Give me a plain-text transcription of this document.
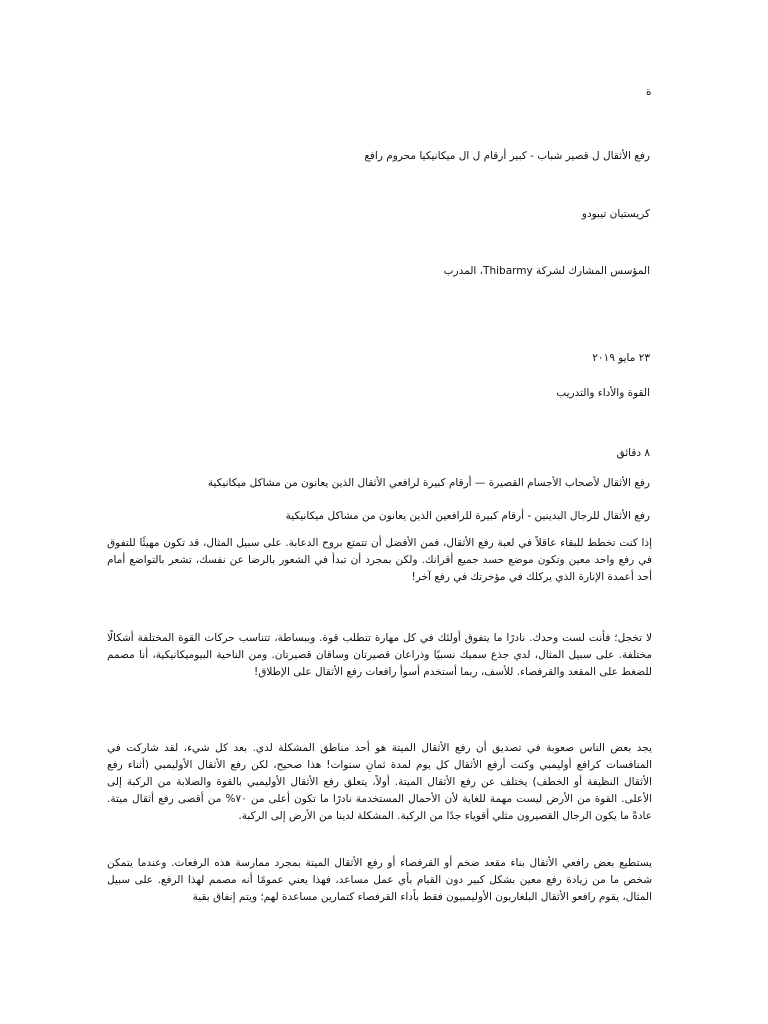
ة
رفع الأثقال ل قصير شباب - كبير أرقام ل ال ميكانيكيا محروم رافع
كريستيان تيبودو
المؤسس المشارك لشركة Thibarmy، المدرب
٢٣ مايو ٢٠١٩
القوة والأداء والتدريب
٨ دقائق
رفع الأثقال لأصحاب الأجسام القصيرة — أرقام كبيرة لرافعي الأثقال الذين يعانون من مشاكل ميكانيكية
رفع الأثقال للرجال البدينين - أرقام كبيرة للرافعين الذين يعانون من مشاكل ميكانيكية

إذا كنت تخطط للبقاء عاقلاً في لعبة رفع الأثقال، فمن الأفضل أن تتمتع بروح الدعابة. على سبيل المثال، قد تكون مهيئًا للتفوق في رفع واحد معين وتكون موضع حسد جميع أقرانك. ولكن بمجرد أن تبدأ في الشعور بالرضا عن نفسك، تشعر بالتواضع أمام أحد أعمدة الإنارة الذي يركلك في مؤخرتك في رفع آخر!

لا تخجل؛ فأنت لست وحدك. نادرًا ما يتفوق أولئك في كل مهارة تتطلب قوة. وببساطة، تتناسب حركات القوة المختلفة أشكالًا مختلفة. على سبيل المثال، لدي جذع سميك نسبيًا وذراعان قصيرتان وساقان قصيرتان. ومن الناحية البيوميكانيكية، أنا مصمم للضغط على المقعد والقرفصاء. للأسف، ربما أستخدم أسوأ رافعات رفع الأثقال على الإطلاق!

يجد بعض الناس صعوبة في تصديق أن رفع الأثقال الميتة هو أحد مناطق المشكلة لدي. بعد كل شيء، لقد شاركت في المنافسات كرافع أوليمبي وكنت أرفع الأثقال كل يوم لمدة ثمانِ سنوات! هذا صحيح، لكن رفع الأثقال الأوليمبي (أثناء رفع الأثقال النظيفة أو الخطف) يختلف عن رفع الأثقال الميتة. أولاً، يتعلق رفع الأثقال الأوليمبي بالقوة والصلابة من الركبة إلى الأعلى. القوة من الأرض ليست مهمة للغاية لأن الأحمال المستخدمة نادرًا ما تكون أعلى من ٧٠% من أقصى رفع أثقال ميتة. عادةً ما يكون الرجال القصيرون مثلي أقوياء جدًا من الركبة. المشكلة لدينا من الأرض إلى الركبة.

يستطيع بعض رافعي الأثقال بناء مقعد ضخم أو القرفصاء أو رفع الأثقال الميتة بمجرد ممارسة هذه الرفعات. وعندما يتمكن شخص ما من زيادة رفع معين بشكل كبير دون القيام بأي عمل مساعد، فهذا يعني عمومًا أنه مصمم لهذا الرفع. على سبيل المثال، يقوم رافعو الأثقال البلغاريون الأوليمبيون فقط بأداء القرفصاء كتمارين مساعدة لهم؛ ويتم إنفاق بقية
